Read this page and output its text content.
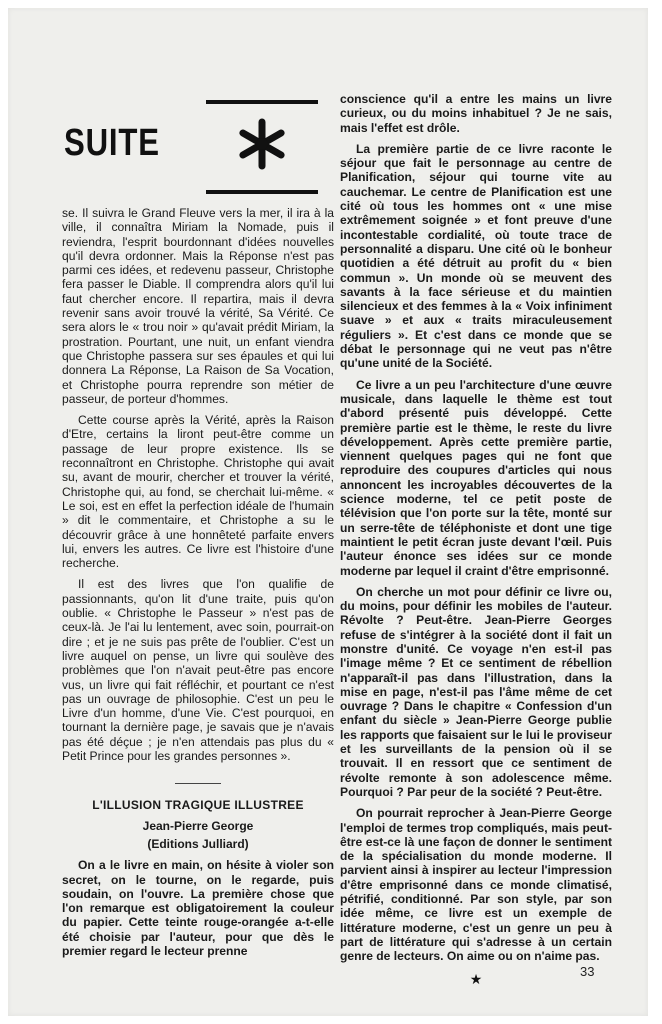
SUITE

se. Il suivra le Grand Fleuve vers la mer, il ira à la ville, il connaîtra Miriam la Nomade, puis il reviendra, l'esprit bourdonnant d'idées nouvelles qu'il devra ordonner. Mais la Réponse n'est pas parmi ces idées, et redevenu passeur, Christophe fera passer le Diable. Il comprendra alors qu'il lui faut chercher encore. Il repartira, mais il devra revenir sans avoir trouvé la vérité, Sa Vérité. Ce sera alors le « trou noir » qu'avait prédit Miriam, la prostration. Pourtant, une nuit, un enfant viendra que Christophe passera sur ses épaules et qui lui donnera La Réponse, La Raison de Sa Vocation, et Christophe pourra reprendre son métier de passeur, de porteur d'hommes.

Cette course après la Vérité, après la Raison d'Etre, certains la liront peut-être comme un passage de leur propre existence. Ils se reconnaîtront en Christophe. Christophe qui avait su, avant de mourir, chercher et trouver la vérité, Christophe qui, au fond, se cherchait lui-même. « Le soi, est en effet la perfection idéale de l'humain » dit le commentaire, et Christophe a su le découvrir grâce à une honnêteté parfaite envers lui, envers les autres. Ce livre est l'histoire d'une recherche.

Il est des livres que l'on qualifie de passionnants, qu'on lit d'une traite, puis qu'on oublie. « Christophe le Passeur » n'est pas de ceux-là. Je l'ai lu lentement, avec soin, pourrait-on dire ; et je ne suis pas prête de l'oublier. C'est un livre auquel on pense, un livre qui soulève des problèmes que l'on n'avait peut-être pas encore vus, un livre qui fait réfléchir, et pourtant ce n'est pas un ouvrage de philosophie. C'est un peu le Livre d'un homme, d'une Vie. C'est pourquoi, en tournant la dernière page, je savais que je n'avais pas été déçue ; je n'en attendais pas plus du « Petit Prince pour les grandes personnes ».

L'ILLUSION TRAGIQUE ILLUSTREE
Jean-Pierre George
(Editions Julliard)

On a le livre en main, on hésite à violer son secret, on le tourne, on le regarde, puis soudain, on l'ouvre. La première chose que l'on remarque est obligatoirement la couleur du papier. Cette teinte rouge-orangée a-t-elle été choisie par l'auteur, pour que dès le premier regard le lecteur prenne

conscience qu'il a entre les mains un livre curieux, ou du moins inhabituel ? Je ne sais, mais l'effet est drôle.

La première partie de ce livre raconte le séjour que fait le personnage au centre de Planification, séjour qui tourne vite au cauchemar. Le centre de Planification est une cité où tous les hommes ont « une mise extrêmement soignée » et font preuve d'une incontestable cordialité, où toute trace de personnalité a disparu. Une cité où le bonheur quotidien a été détruit au profit du « bien commun ». Un monde où se meuvent des savants à la face sérieuse et du maintien silencieux et des femmes à la « Voix infiniment suave » et aux « traits miraculeusement réguliers ». Et c'est dans ce monde que se débat le personnage qui ne veut pas n'être qu'une unité de la Société.

Ce livre a un peu l'architecture d'une œuvre musicale, dans laquelle le thème est tout d'abord présenté puis développé. Cette première partie est le thème, le reste du livre développement. Après cette première partie, viennent quelques pages qui ne font que reproduire des coupures d'articles qui nous annoncent les incroyables découvertes de la science moderne, tel ce petit poste de télévision que l'on porte sur la tête, monté sur un serre-tête de téléphoniste et dont une tige maintient le petit écran juste devant l'œil. Puis l'auteur énonce ses idées sur ce monde moderne par lequel il craint d'être emprisonné.

On cherche un mot pour définir ce livre ou, du moins, pour définir les mobiles de l'auteur. Révolte ? Peut-être. Jean-Pierre Georges refuse de s'intégrer à la société dont il fait un monstre d'unité. Ce voyage n'en est-il pas l'image même ? Et ce sentiment de rébellion n'apparaît-il pas dans l'illustration, dans la mise en page, n'est-il pas l'âme même de cet ouvrage ? Dans le chapitre « Confession d'un enfant du siècle » Jean-Pierre George publie les rapports que faisaient sur le lui le proviseur et les surveillants de la pension où il se trouvait. Il en ressort que ce sentiment de révolte remonte à son adolescence même. Pourquoi ? Par peur de la société ? Peut-être.

On pourrait reprocher à Jean-Pierre George l'emploi de termes trop compliqués, mais peut-être est-ce là une façon de donner le sentiment de la spécialisation du monde moderne. Il parvient ainsi à inspirer au lecteur l'impression d'être emprisonné dans ce monde climatisé, pétrifié, conditionné. Par son style, par son idée même, ce livre est un exemple de littérature moderne, c'est un genre un peu à part de littérature qui s'adresse à un certain genre de lecteurs. On aime ou on n'aime pas.

★	33
